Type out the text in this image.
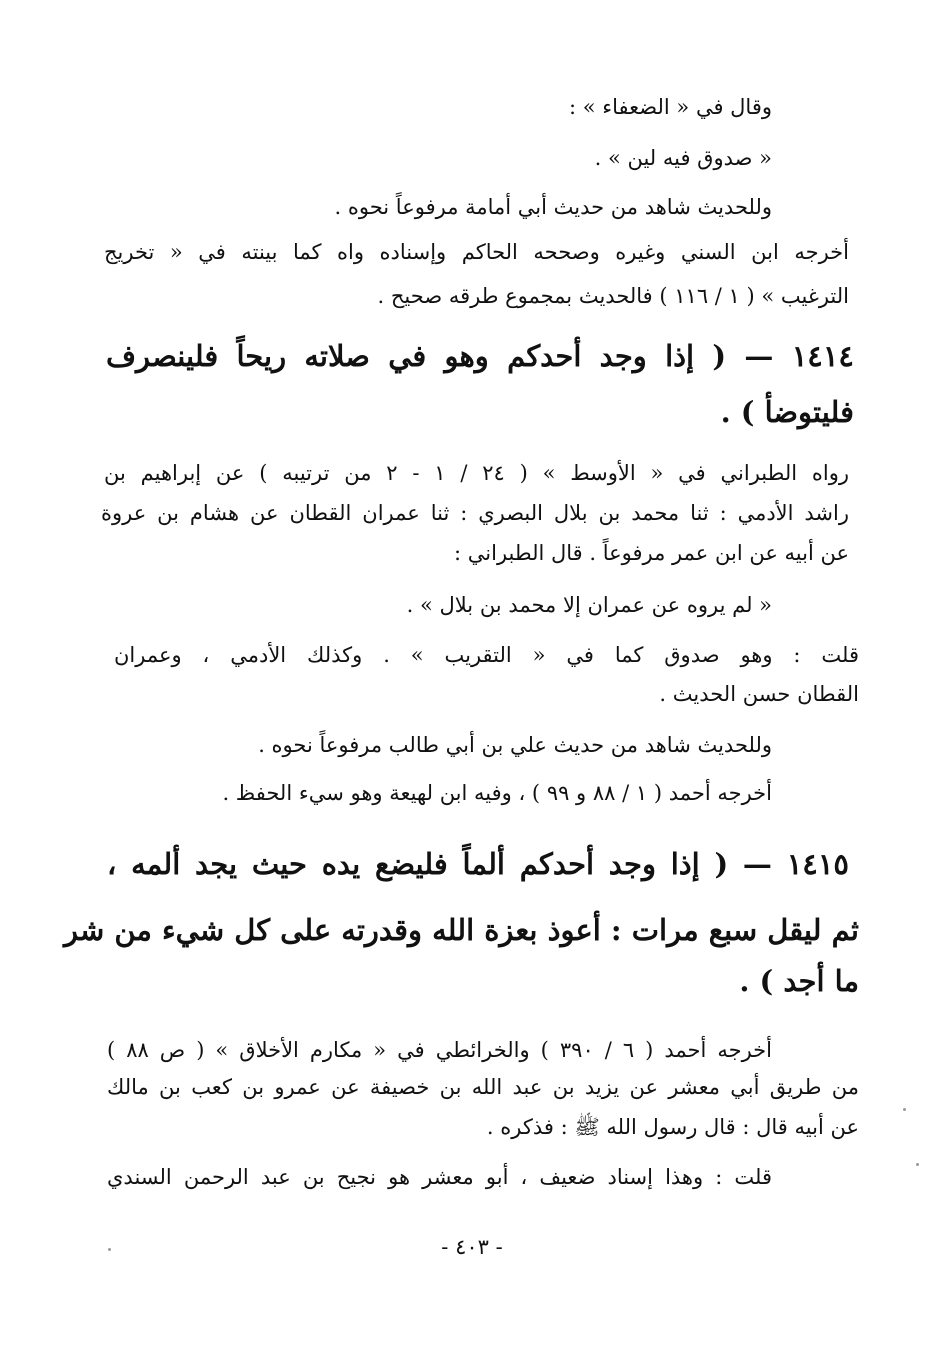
وقال في « الضعفاء » :
« صدوق فيه لين » .
وللحديث شاهد من حديث أبي أمامة مرفوعاً نحوه .
أخرجه ابن السني وغيره وصححه الحاكم وإسناده واه كما بينته في « تخريج
الترغيب » ( ١ / ١١٦ ) فالحديث بمجموع طرقه صحيح .
١٤١٤ — ( إذا وجد أحدكم وهو في صلاته ريحاً فلينصرف
فليتوضأ ) .
رواه الطبراني في « الأوسط » ( ٢٤ / ١ - ٢ من ترتيبه ) عن إبراهيم بن
راشد الأدمي : ثنا محمد بن بلال البصري : ثنا عمران القطان عن هشام بن عروة
عن أبيه عن ابن عمر مرفوعاً . قال الطبراني :
« لم يروه عن عمران إلا محمد بن بلال » .
قلت : وهو صدوق كما في « التقريب » . وكذلك الأدمي ، وعمران
القطان حسن الحديث .
وللحديث شاهد من حديث علي بن أبي طالب مرفوعاً نحوه .
أخرجه أحمد ( ١ / ٨٨ و ٩٩ ) ، وفيه ابن لهيعة وهو سيء الحفظ .
١٤١٥ — ( إذا وجد أحدكم ألماً فليضع يده حيث يجد ألمه ،
ثم ليقل سبع مرات : أعوذ بعزة الله وقدرته على كل شيء من شر
ما أجد ) .
أخرجه أحمد ( ٦ / ٣٩٠ ) والخرائطي في « مكارم الأخلاق » ( ص ٨٨ )
من طريق أبي معشر عن يزيد بن عبد الله بن خصيفة عن عمرو بن كعب بن مالك
عن أبيه قال : قال رسول الله ﷺ : فذكره .
قلت : وهذا إسناد ضعيف ، أبو معشر هو نجيح بن عبد الرحمن السندي
- ٤٠٣ -
